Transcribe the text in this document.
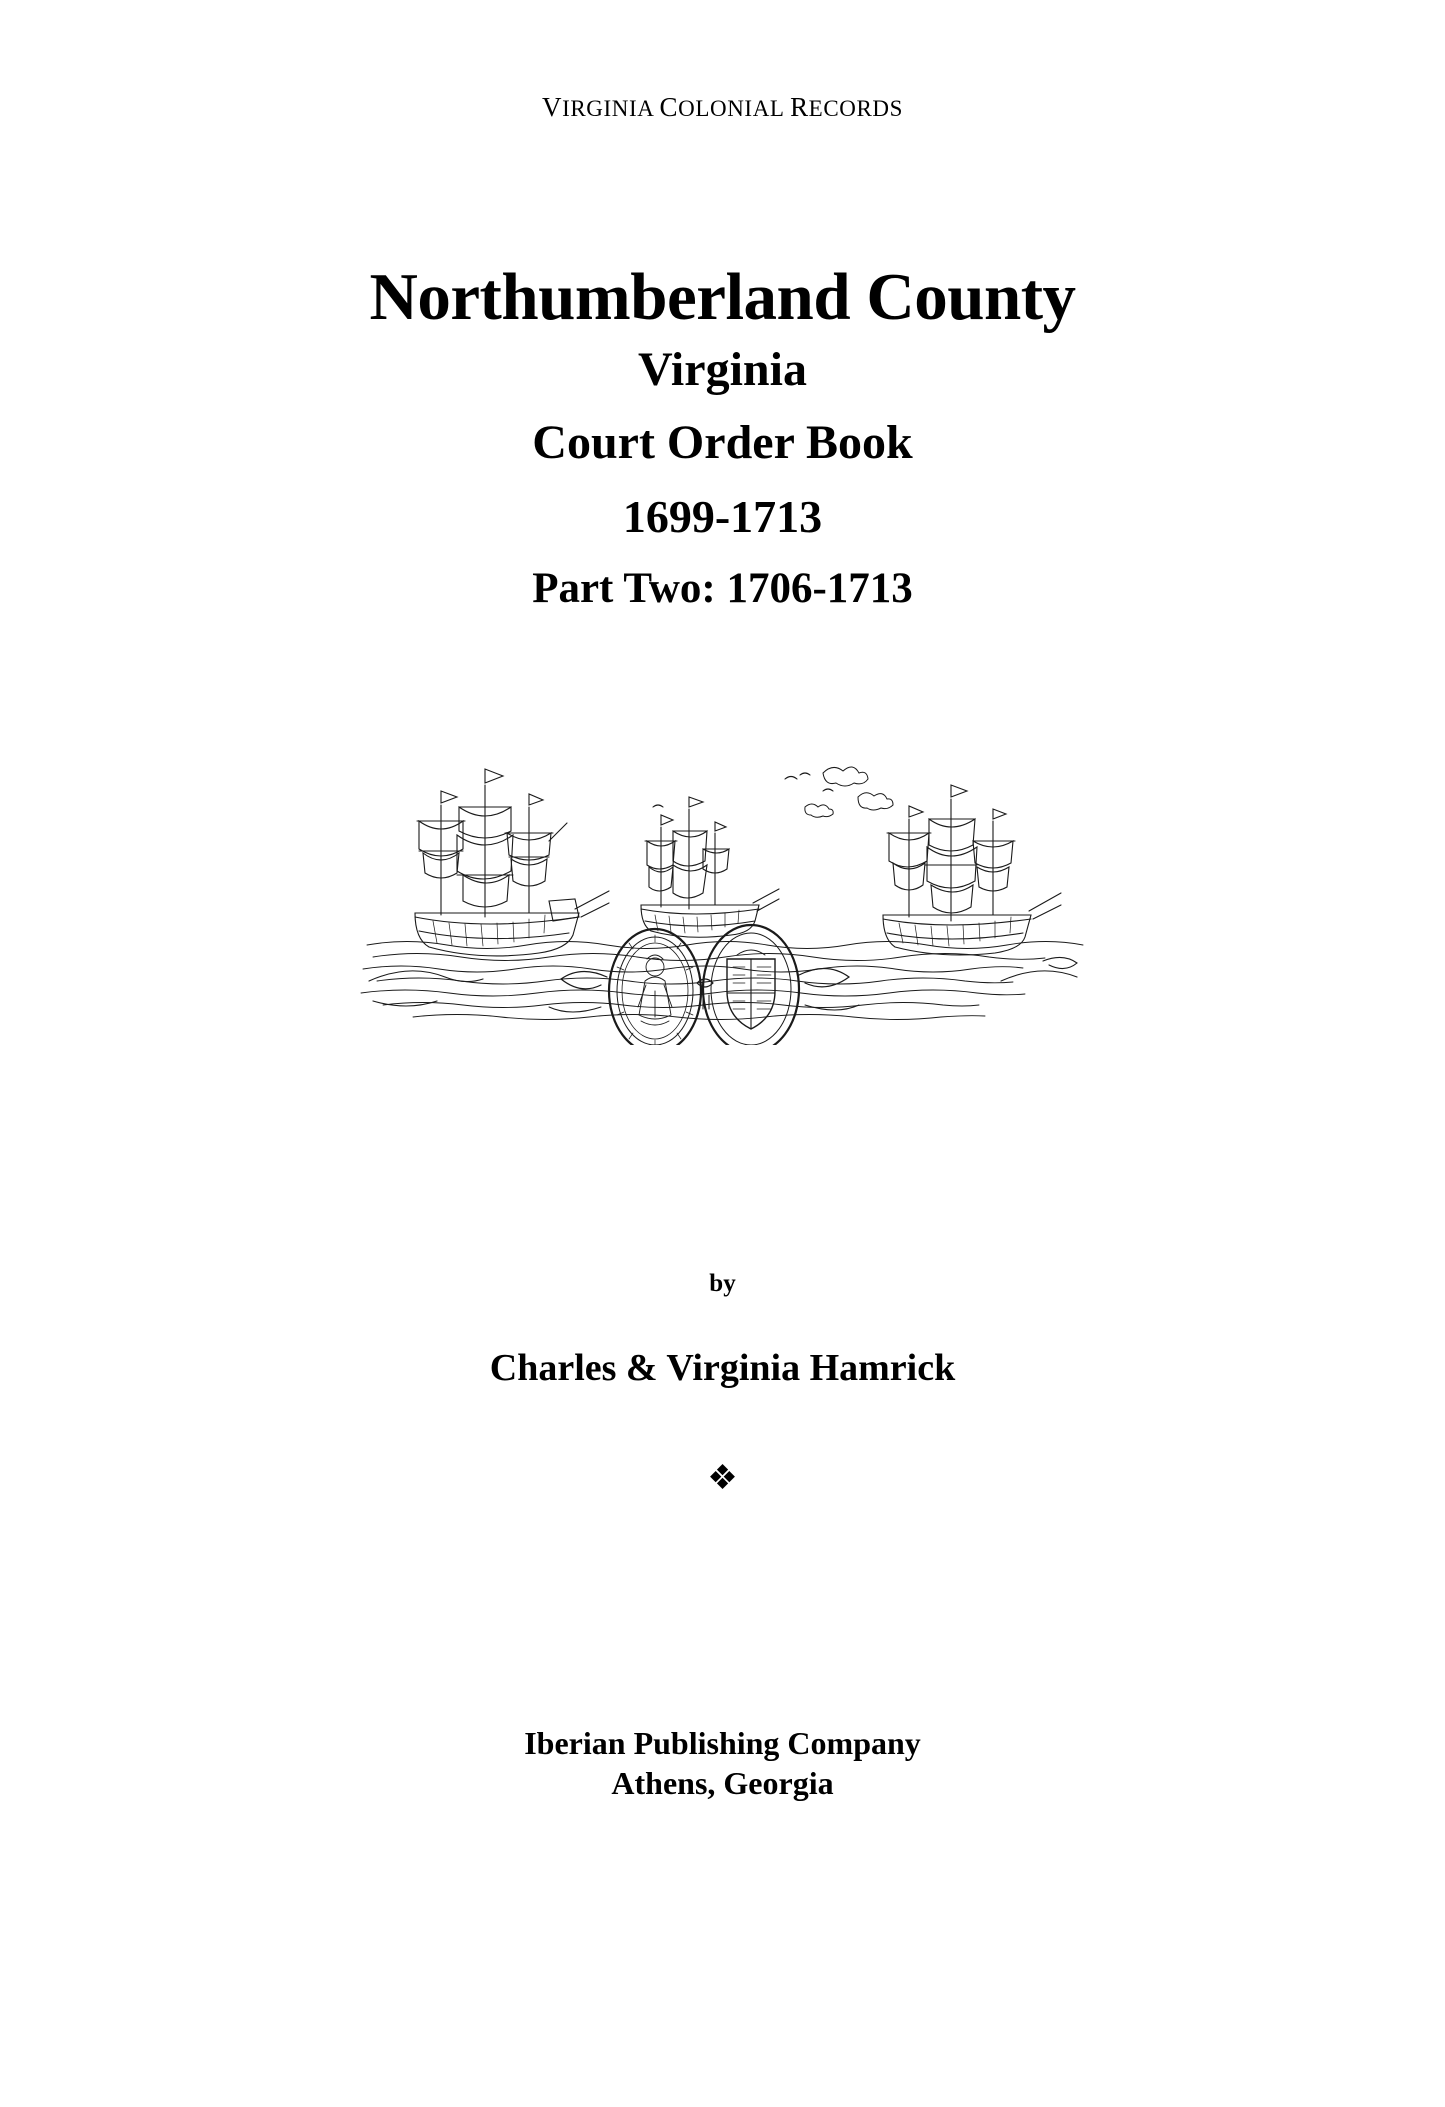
VIRGINIA COLONIAL RECORDS
Northumberland County
Virginia
Court Order Book
1699-1713
Part Two: 1706-1713
by
Charles & Virginia Hamrick
❖
Iberian Publishing Company
Athens, Georgia
